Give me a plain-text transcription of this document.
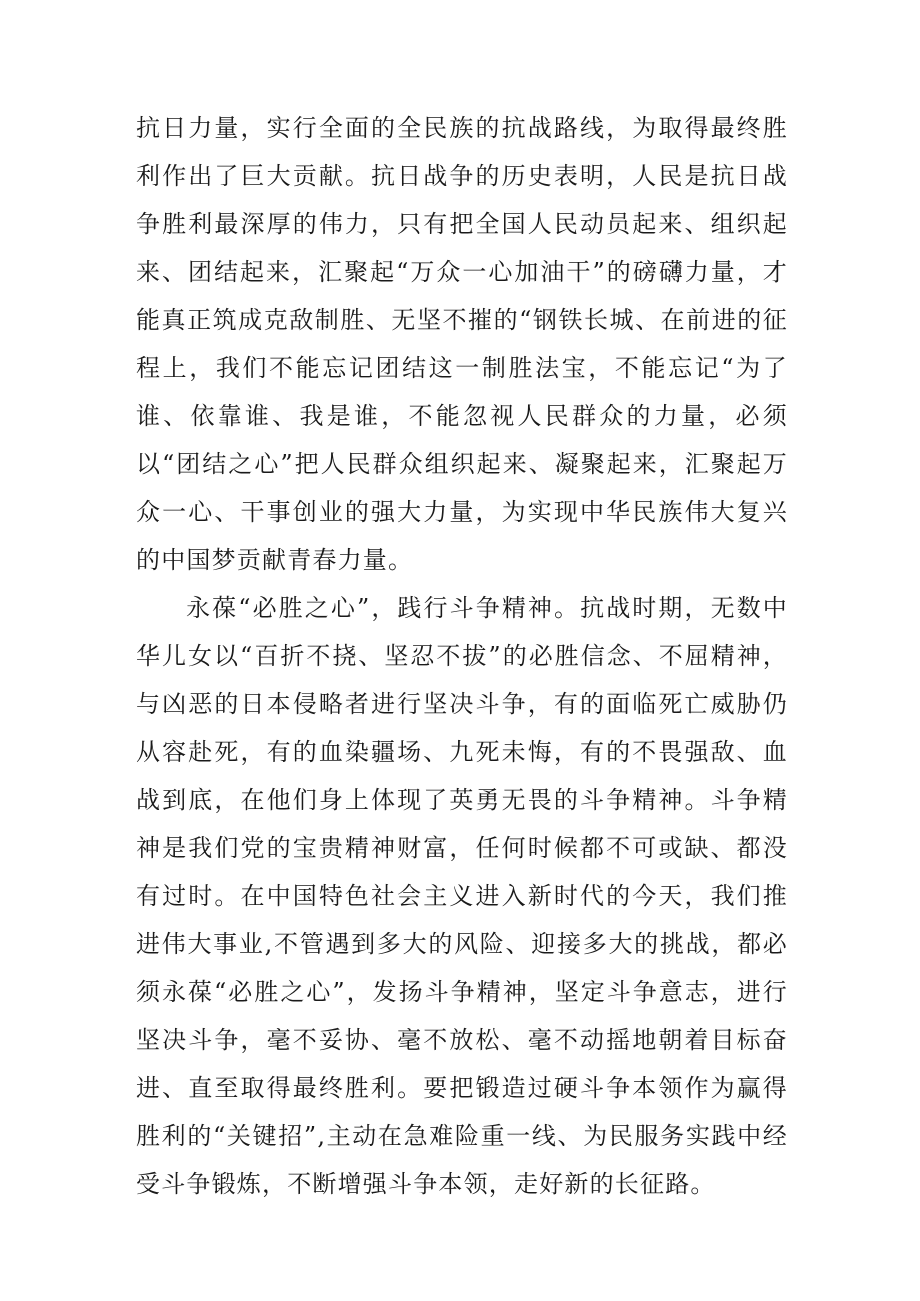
抗日力量，实行全面的全民族的抗战路线，为取得最终胜利作出了巨大贡献。抗日战争的历史表明，人民是抗日战争胜利最深厚的伟力，只有把全国人民动员起来、组织起来、团结起来，汇聚起“万众一心加油干”的磅礴力量，才能真正筑成克敌制胜、无坚不摧的“钢铁长城、在前进的征程上，我们不能忘记团结这一制胜法宝，不能忘记“为了谁、依靠谁、我是谁，不能忽视人民群众的力量，必须以“团结之心”把人民群众组织起来、凝聚起来，汇聚起万众一心、干事创业的强大力量，为实现中华民族伟大复兴的中国梦贡献青春力量。

永葆“必胜之心”，践行斗争精神。抗战时期，无数中华儿女以“百折不挠、坚忍不拔”的必胜信念、不屈精神，与凶恶的日本侵略者进行坚决斗争，有的面临死亡威胁仍从容赴死，有的血染疆场、九死未悔，有的不畏强敌、血战到底，在他们身上体现了英勇无畏的斗争精神。斗争精神是我们党的宝贵精神财富，任何时候都不可或缺、都没有过时。在中国特色社会主义进入新时代的今天，我们推进伟大事业,不管遇到多大的风险、迎接多大的挑战，都必须永葆“必胜之心”，发扬斗争精神，坚定斗争意志，进行坚决斗争，毫不妥协、毫不放松、毫不动摇地朝着目标奋进、直至取得最终胜利。要把锻造过硬斗争本领作为赢得胜利的“关键招”,主动在急难险重一线、为民服务实践中经受斗争锻炼，不断增强斗争本领，走好新的长征路。
